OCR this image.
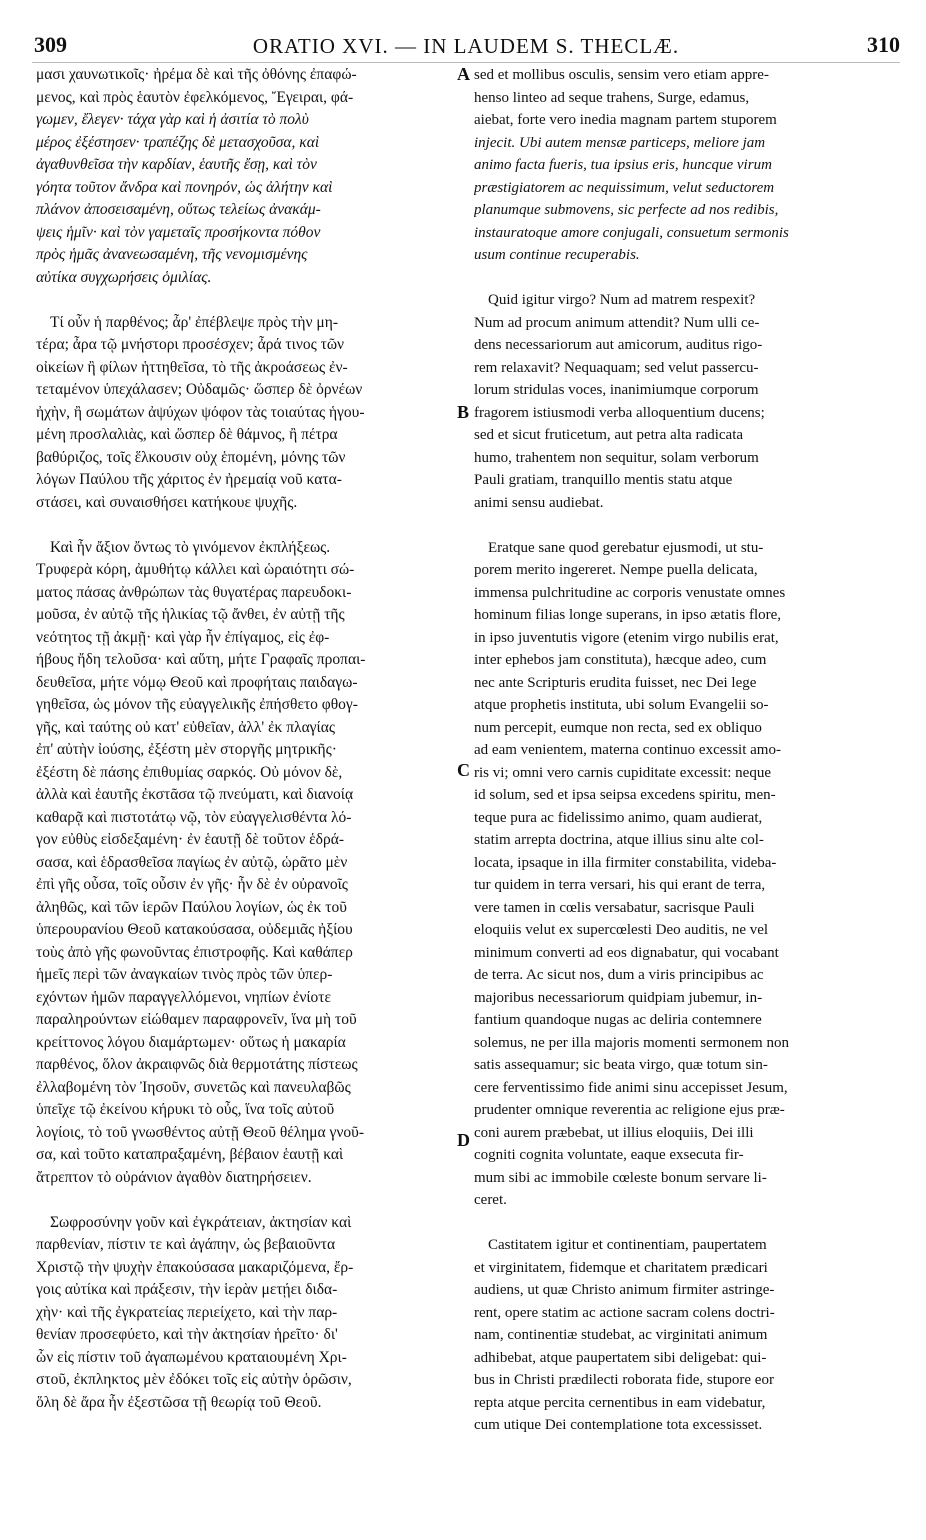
309	ORATIO XVI. — IN LAUDEM S. THECLÆ.	310
A
B
C
D
μασι χαυνωτικοῖς· ἠρέμα δὲ καὶ τῆς ὀθόνης ἐπαφώ-
μενος, καὶ πρὸς ἑαυτὸν ἐφελκόμενος, Ἔγειραι, φά-
γωμεν, ἔλεγεν· τάχα γὰρ καὶ ἡ ἀσιτία τὸ πολὺ
μέρος ἐξέστησεν· τραπέζης δὲ μετασχοῦσα, καὶ
ἀγαθυνθεῖσα τὴν καρδίαν, ἑαυτῆς ἔσῃ, καὶ τὸν
γόητα τοῦτον ἄνδρα καὶ πονηρόν, ὡς ἀλήτην καὶ
πλάνον ἀποσεισαμένη, οὕτως τελείως ἀνακάμ-
ψεις ἡμῖν· καὶ τὸν γαμεταῖς προσήκοντα πόθον
πρὸς ἡμᾶς ἀνανεωσαμένη, τῆς νενομισμένης
αὐτίκα συγχωρήσεις ὁμιλίας.
Τί οὖν ἡ παρθένος; ἆρ' ἐπέβλεψε πρὸς τὴν μη-
τέρα; ἆρα τῷ μνήστορι προσέσχεν; ἆρά τινος τῶν
οἰκείων ἢ φίλων ἡττηθεῖσα, τὸ τῆς ἀκροάσεως ἐν-
τεταμένον ὑπεχάλασεν; Οὐδαμῶς· ὥσπερ δὲ ὀρνέων
ἠχὴν, ἢ σωμάτων ἀψύχων ψόφον τὰς τοιαύτας ἡγου-
μένη προσλαλιὰς, καὶ ὥσπερ δὲ θάμνος, ἢ πέτρα
βαθύριζος, τοῖς ἕλκουσιν οὐχ ἑπομένη, μόνης τῶν
λόγων Παύλου τῆς χάριτος ἐν ἠρεμαίᾳ νοῦ κατα-
στάσει, καὶ συναισθήσει κατήκουε ψυχῆς.
Καὶ ἦν ἄξιον ὄντως τὸ γινόμενον ἐκπλήξεως.
Τρυφερὰ κόρη, ἀμυθήτῳ κάλλει καὶ ὡραιότητι σώ-
ματος πάσας ἀνθρώπων τὰς θυγατέρας παρευδοκι-
μοῦσα, ἐν αὐτῷ τῆς ἡλικίας τῷ ἄνθει, ἐν αὐτῇ τῆς
νεότητος τῇ ἀκμῇ· καὶ γὰρ ἦν ἐπίγαμος, εἰς ἐφ-
ήβους ἤδη τελοῦσα· καὶ αὕτη, μήτε Γραφαῖς προπαι-
δευθεῖσα, μήτε νόμῳ Θεοῦ καὶ προφήταις παιδαγω-
γηθεῖσα, ὡς μόνον τῆς εὐαγγελικῆς ἐπήσθετο φθογ-
γῆς, καὶ ταύτης οὐ κατ' εὐθεῖαν, ἀλλ' ἐκ πλαγίας
ἐπ' αὐτὴν ἰούσης, ἐξέστη μὲν στοργῆς μητρικῆς·
ἐξέστη δὲ πάσης ἐπιθυμίας σαρκός. Οὐ μόνον δὲ,
ἀλλὰ καὶ ἑαυτῆς ἐκστᾶσα τῷ πνεύματι, καὶ διανοίᾳ
καθαρᾷ καὶ πιστοτάτῳ νῷ, τὸν εὐαγγελισθέντα λό-
γον εὐθὺς εἰσδεξαμένη· ἐν ἑαυτῇ δὲ τοῦτον ἑδρά-
σασα, καὶ ἑδρασθεῖσα παγίως ἐν αὐτῷ, ὡρᾶτο μὲν
ἐπὶ γῆς οὖσα, τοῖς οὖσιν ἐν γῆς· ἦν δὲ ἐν οὐρανοῖς
ἀληθῶς, καὶ τῶν ἱερῶν Παύλου λογίων, ὡς ἐκ τοῦ
ὑπερουρανίου Θεοῦ κατακούσασα, οὐδεμιᾶς ἠξίου
τοὺς ἀπὸ γῆς φωνοῦντας ἐπιστροφῆς. Καὶ καθάπερ
ἡμεῖς περὶ τῶν ἀναγκαίων τινὸς πρὸς τῶν ὑπερ-
εχόντων ἡμῶν παραγγελλόμενοι, νηπίων ἐνίοτε
παραληρούντων εἰώθαμεν παραφρονεῖν, ἵνα μὴ τοῦ
κρείττονος λόγου διαμάρτωμεν· οὕτως ἡ μακαρία
παρθένος, ὅλον ἀκραιφνῶς διὰ θερμοτάτης πίστεως
ἐλλαβομένη τὸν Ἰησοῦν, συνετῶς καὶ πανευλαβῶς
ὑπεῖχε τῷ ἐκείνου κήρυκι τὸ οὖς, ἵνα τοῖς αὐτοῦ
λογίοις, τὸ τοῦ γνωσθέντος αὐτῇ Θεοῦ θέλημα γνοῦ-
σα, καὶ τοῦτο καταπραξαμένη, βέβαιον ἑαυτῇ καὶ
ἄτρεπτον τὸ οὐράνιον ἀγαθὸν διατηρήσειεν.
Σωφροσύνην γοῦν καὶ ἐγκράτειαν, ἀκτησίαν καὶ
παρθενίαν, πίστιν τε καὶ ἀγάπην, ὡς βεβαιοῦντα
Χριστῷ τὴν ψυχὴν ἐπακούσασα μακαριζόμενα, ἔρ-
γοις αὐτίκα καὶ πράξεσιν, τὴν ἱερὰν μετῄει διδα-
χὴν· καὶ τῆς ἐγκρατείας περιείχετο, καὶ τὴν παρ-
θενίαν προσεφύετο, καὶ τὴν ἀκτησίαν ἡρεῖτο· δι'
ὧν εἰς πίστιν τοῦ ἀγαπωμένου κραταιουμένη Χρι-
στοῦ, ἐκπληκτος μὲν ἐδόκει τοῖς εἰς αὐτὴν ὁρῶσιν,
ὅλη δὲ ἄρα ἦν ἐξεστῶσα τῇ θεωρίᾳ τοῦ Θεοῦ.
sed et mollibus osculis, sensim vero etiam appre-
henso linteo ad seque trahens, Surge, edamus,
aiebat, forte vero inedia magnam partem stuporem
injecit. Ubi autem mensæ particeps, meliore jam
animo facta fueris, tua ipsius eris, huncque virum
præstigiatorem ac nequissimum, velut seductorem
planumque submovens, sic perfecte ad nos redibis,
instauratoque amore conjugali, consuetum sermonis
usum continue recuperabis.
Quid igitur virgo? Num ad matrem respexit?
Num ad procum animum attendit? Num ulli ce-
dens necessariorum aut amicorum, auditus rigo-
rem relaxavit? Nequaquam; sed velut passercu-
lorum stridulas voces, inanimiumque corporum
fragorem istiusmodi verba alloquentium ducens;
sed et sicut fruticetum, aut petra alta radicata
humo, trahentem non sequitur, solam verborum
Pauli gratiam, tranquillo mentis statu atque
animi sensu audiebat.
Eratque sane quod gerebatur ejusmodi, ut stu-
porem merito ingereret. Nempe puella delicata,
immensa pulchritudine ac corporis venustate omnes
hominum filias longe superans, in ipso ætatis flore,
in ipso juventutis vigore (etenim virgo nubilis erat,
inter ephebos jam constituta), hæcque adeo, cum
nec ante Scripturis erudita fuisset, nec Dei lege
atque prophetis instituta, ubi solum Evangelii so-
num percepit, eumque non recta, sed ex obliquo
ad eam venientem, materna continuo excessit amo-
ris vi; omni vero carnis cupiditate excessit: neque
id solum, sed et ipsa seipsa excedens spiritu, men-
teque pura ac fidelissimo animo, quam audierat,
statim arrepta doctrina, atque illius sinu alte col-
locata, ipsaque in illa firmiter constabilita, videba-
tur quidem in terra versari, his qui erant de terra,
vere tamen in cœlis versabatur, sacrisque Pauli
eloquiis velut ex supercœlesti Deo auditis, ne vel
minimum converti ad eos dignabatur, qui vocabant
de terra. Ac sicut nos, dum a viris principibus ac
majoribus necessariorum quidpiam jubemur, in-
fantium quandoque nugas ac deliria contemnere
solemus, ne per illa majoris momenti sermonem non
satis assequamur; sic beata virgo, quæ totum sin-
cere ferventissimo fide animi sinu accepisset Jesum,
prudenter omnique reverentia ac religione ejus præ-
coni aurem præbebat, ut illius eloquiis, Dei illi
cogniti cognita voluntate, eaque exsecuta fir-
mum sibi ac immobile cœleste bonum servare li-
ceret.
Castitatem igitur et continentiam, paupertatem
et virginitatem, fidemque et charitatem prædicari
audiens, ut quæ Christo animum firmiter astringe-
rent, opere statim ac actione sacram colens doctri-
nam, continentiæ studebat, ac virginitati animum
adhibebat, atque paupertatem sibi deligebat: qui-
bus in Christi prædilecti roborata fide, stupore eor
repta atque percita cernentibus in eam videbatur,
cum utique Dei contemplatione tota excessisset.
